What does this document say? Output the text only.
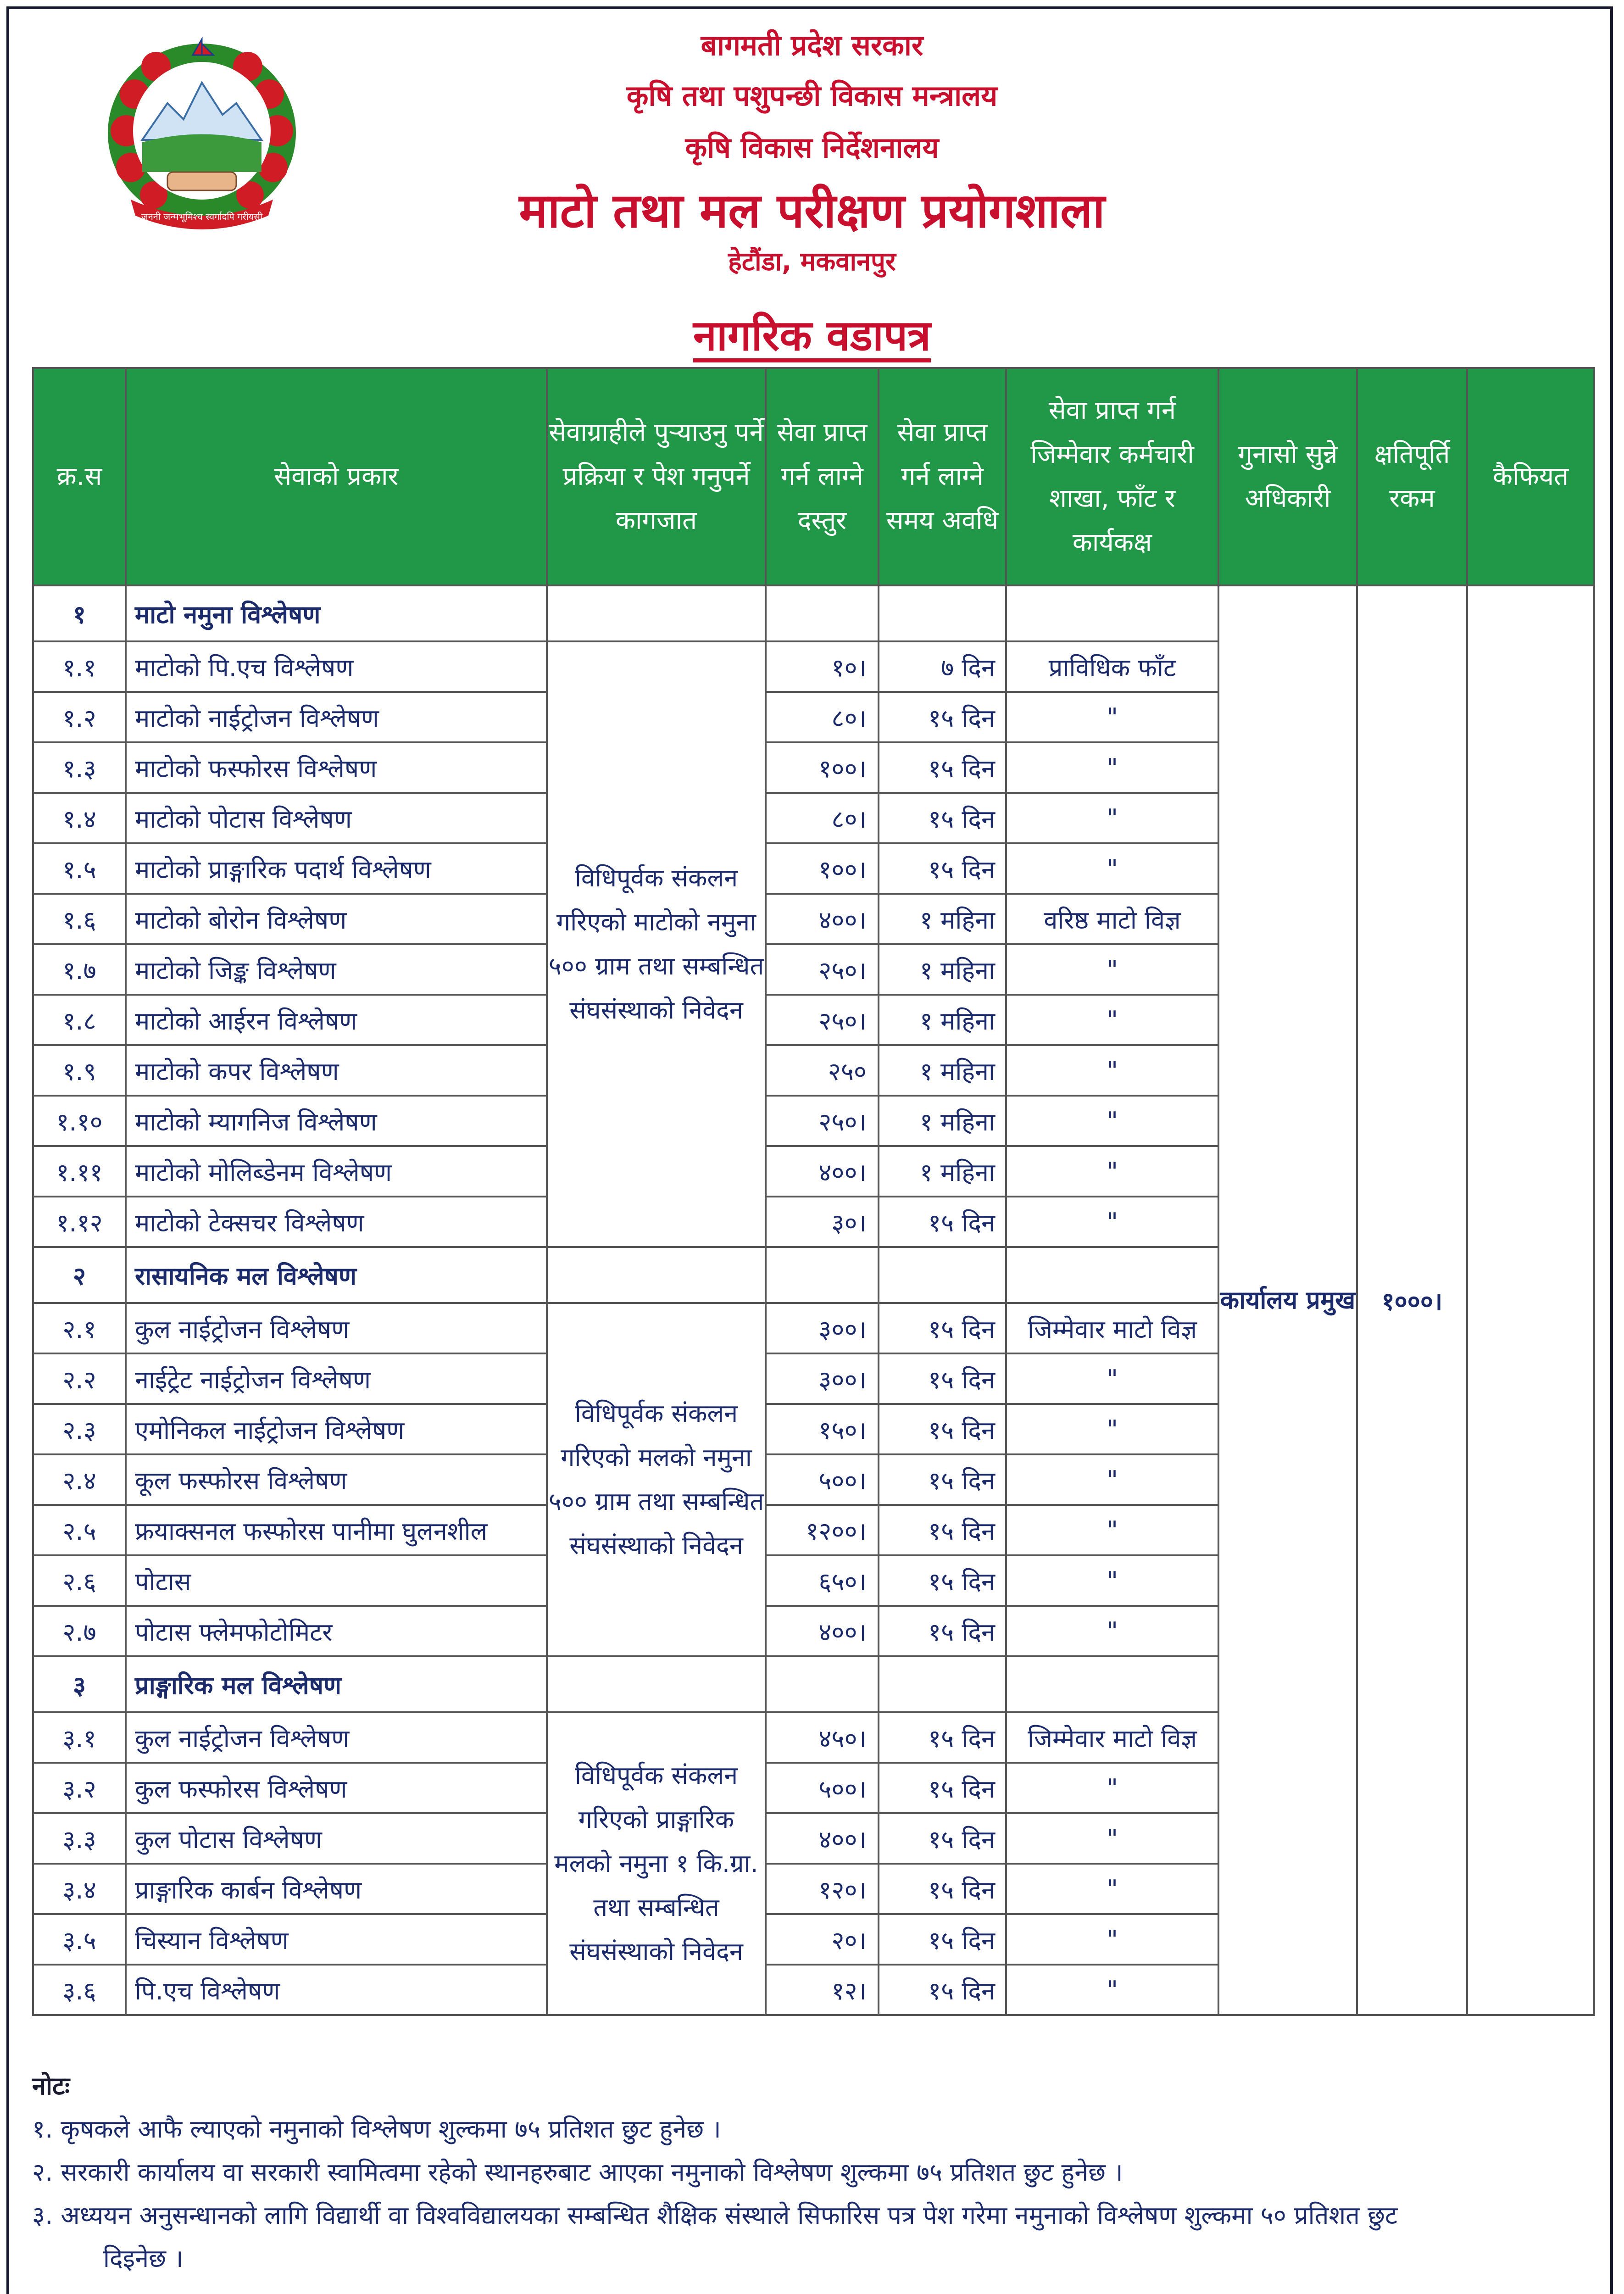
जननी जन्मभूमिश्च स्वर्गादपि गरीयसी
बागमती प्रदेश सरकार
कृषि तथा पशुपन्छी विकास मन्त्रालय
कृषि विकास निर्देशनालय
माटो तथा मल परीक्षण प्रयोगशाला
हेटौंडा, मकवानपुर
नागरिक वडापत्र
क्र.स	सेवाको प्रकार	सेवाग्राहीले पुर्‍याउनु पर्ने प्रक्रिया र पेश गनुपर्ने कागजात	सेवा प्राप्त गर्न लाग्ने दस्तुर	सेवा प्राप्त गर्न लाग्ने समय अवधि	सेवा प्राप्त गर्न जिम्मेवार कर्मचारी शाखा, फाँट र कार्यकक्ष	गुनासो सुन्ने अधिकारी	क्षतिपूर्ति रकम	कैफियत
१	माटो नमुना विश्लेषण					कार्यालय प्रमुख	१०००।	
१.१	माटोको पि.एच विश्लेषण	विधिपूर्वक संकलन गरिएको माटोको नमुना ५०० ग्राम तथा सम्बन्धित संघसंस्थाको निवेदन	१०।	७ दिन	प्राविधिक फाँट			
१.२	माटोको नाईट्रोजन विश्लेषण		८०।	१५ दिन	"			
१.३	माटोको फस्फोरस विश्लेषण		१००।	१५ दिन	"			
१.४	माटोको पोटास विश्लेषण		८०।	१५ दिन	"			
१.५	माटोको प्राङ्गारिक पदार्थ विश्लेषण		१००।	१५ दिन	"			
१.६	माटोको बोरोन विश्लेषण		४००।	१ महिना	वरिष्ठ माटो विज्ञ			
१.७	माटोको जिङ्क विश्लेषण		२५०।	१ महिना	"			
१.८	माटोको आईरन विश्लेषण		२५०।	१ महिना	"			
१.९	माटोको कपर विश्लेषण		२५०	१ महिना	"			
१.१०	माटोको म्यागनिज विश्लेषण		२५०।	१ महिना	"			
१.११	माटोको मोलिब्डेनम विश्लेषण		४००।	१ महिना	"			
१.१२	माटोको टेक्सचर विश्लेषण		३०।	१५ दिन	"			
२	रासायनिक मल विश्लेषण							
२.१	कुल नाईट्रोजन विश्लेषण	विधिपूर्वक संकलन गरिएको मलको नमुना ५०० ग्राम तथा सम्बन्धित संघसंस्थाको निवेदन	३००।	१५ दिन	जिम्मेवार माटो विज्ञ			
२.२	नाईट्रेट नाईट्रोजन विश्लेषण		३००।	१५ दिन	"			
२.३	एमोनिकल नाईट्रोजन विश्लेषण		१५०।	१५ दिन	"			
२.४	कूल फस्फोरस विश्लेषण		५००।	१५ दिन	"			
२.५	फ्रयाक्सनल फस्फोरस पानीमा घुलनशील		१२००।	१५ दिन	"			
२.६	पोटास		६५०।	१५ दिन	"			
२.७	पोटास फ्लेमफोटोमिटर		४००।	१५ दिन	"			
३	प्राङ्गारिक मल विश्लेषण							
३.१	कुल नाईट्रोजन विश्लेषण	विधिपूर्वक संकलन गरिएको प्राङ्गारिक मलको नमुना १ कि.ग्रा. तथा सम्बन्धित संघसंस्थाको निवेदन	४५०।	१५ दिन	जिम्मेवार माटो विज्ञ			
३.२	कुल फस्फोरस विश्लेषण		५००।	१५ दिन	"			
३.३	कुल पोटास विश्लेषण		४००।	१५ दिन	"			
३.४	प्राङ्गारिक कार्बन विश्लेषण		१२०।	१५ दिन	"			
३.५	चिस्यान विश्लेषण		२०।	१५ दिन	"			
३.६	पि.एच विश्लेषण		१२।	१५ दिन	"			
नोटः
१. कृषकले आफै ल्याएको नमुनाको विश्लेषण शुल्कमा ७५ प्रतिशत छुट हुनेछ ।
२. सरकारी कार्यालय वा सरकारी स्वामित्वमा रहेको स्थानहरुबाट आएका नमुनाको विश्लेषण शुल्कमा ७५ प्रतिशत छुट हुनेछ ।
३. अध्ययन अनुसन्धानको लागि विद्यार्थी वा विश्वविद्यालयका सम्बन्धित शैक्षिक संस्थाले सिफारिस पत्र पेश गरेमा नमुनाको विश्लेषण शुल्कमा ५० प्रतिशत छुट
दिइनेछ ।
